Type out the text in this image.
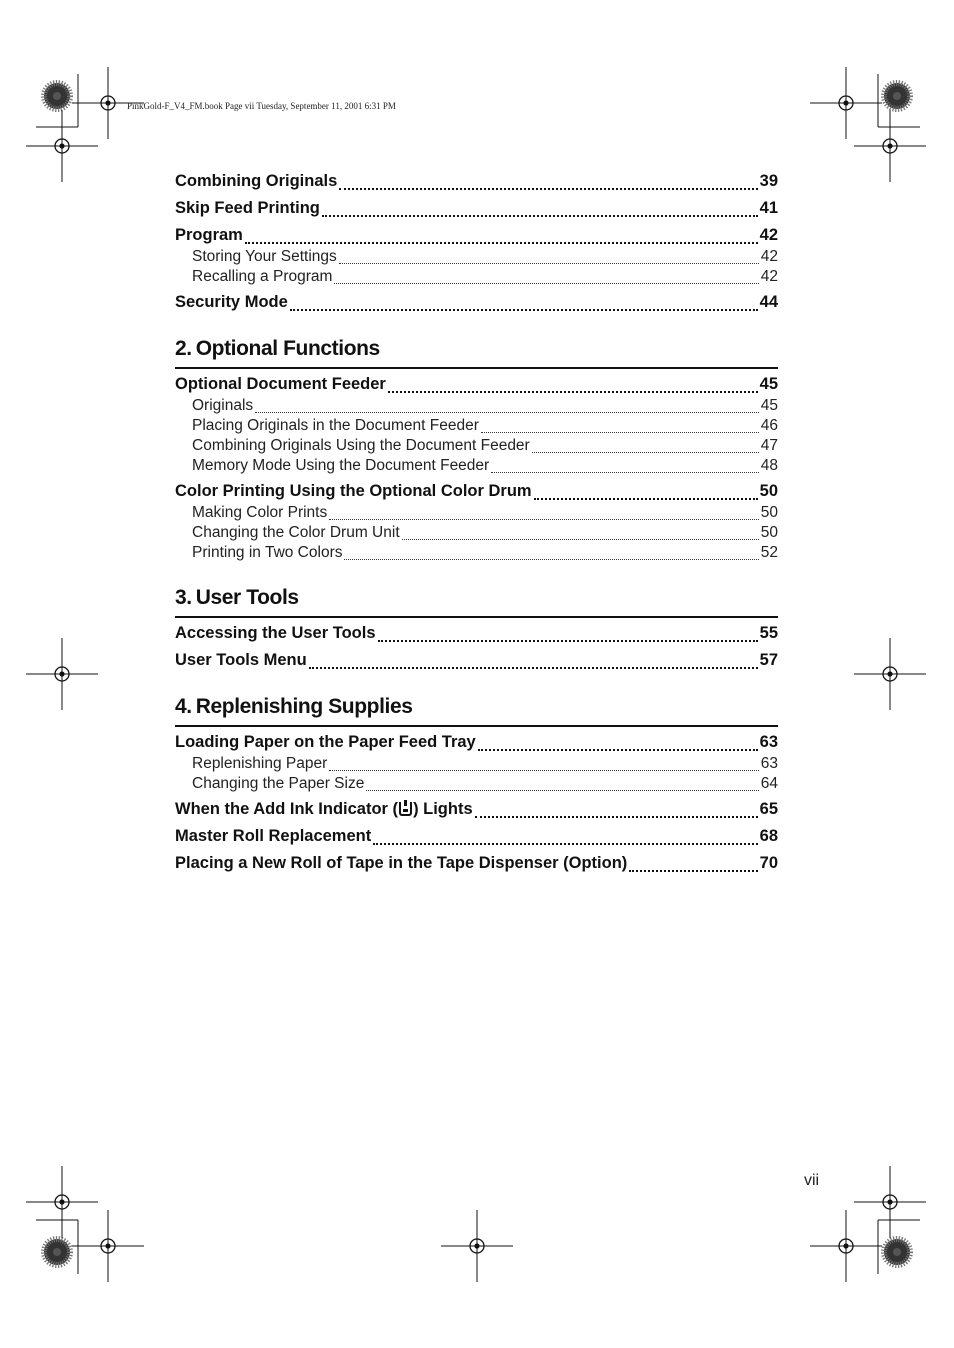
PinkGold-F_V4_FM.book Page vii Tuesday, September 11, 2001 6:31 PM
Combining Originals	39
Skip Feed Printing	41
Program	42
Storing Your Settings	42
Recalling a Program	42
Security Mode	44
2. Optional Functions
Optional Document Feeder	45
Originals	45
Placing Originals in the Document Feeder	46
Combining Originals Using the Document Feeder	47
Memory Mode Using the Document Feeder	48
Color Printing Using the Optional Color Drum	50
Making Color Prints	50
Changing the Color Drum Unit	50
Printing in Two Colors	52
3. User Tools
Accessing the User Tools	55
User Tools Menu	57
4. Replenishing Supplies
Loading Paper on the Paper Feed Tray	63
Replenishing Paper	63
Changing the Paper Size	64
When the Add Ink Indicator ( ) Lights	65
Master Roll Replacement	68
Placing a New Roll of Tape in the Tape Dispenser (Option)	70
vii
